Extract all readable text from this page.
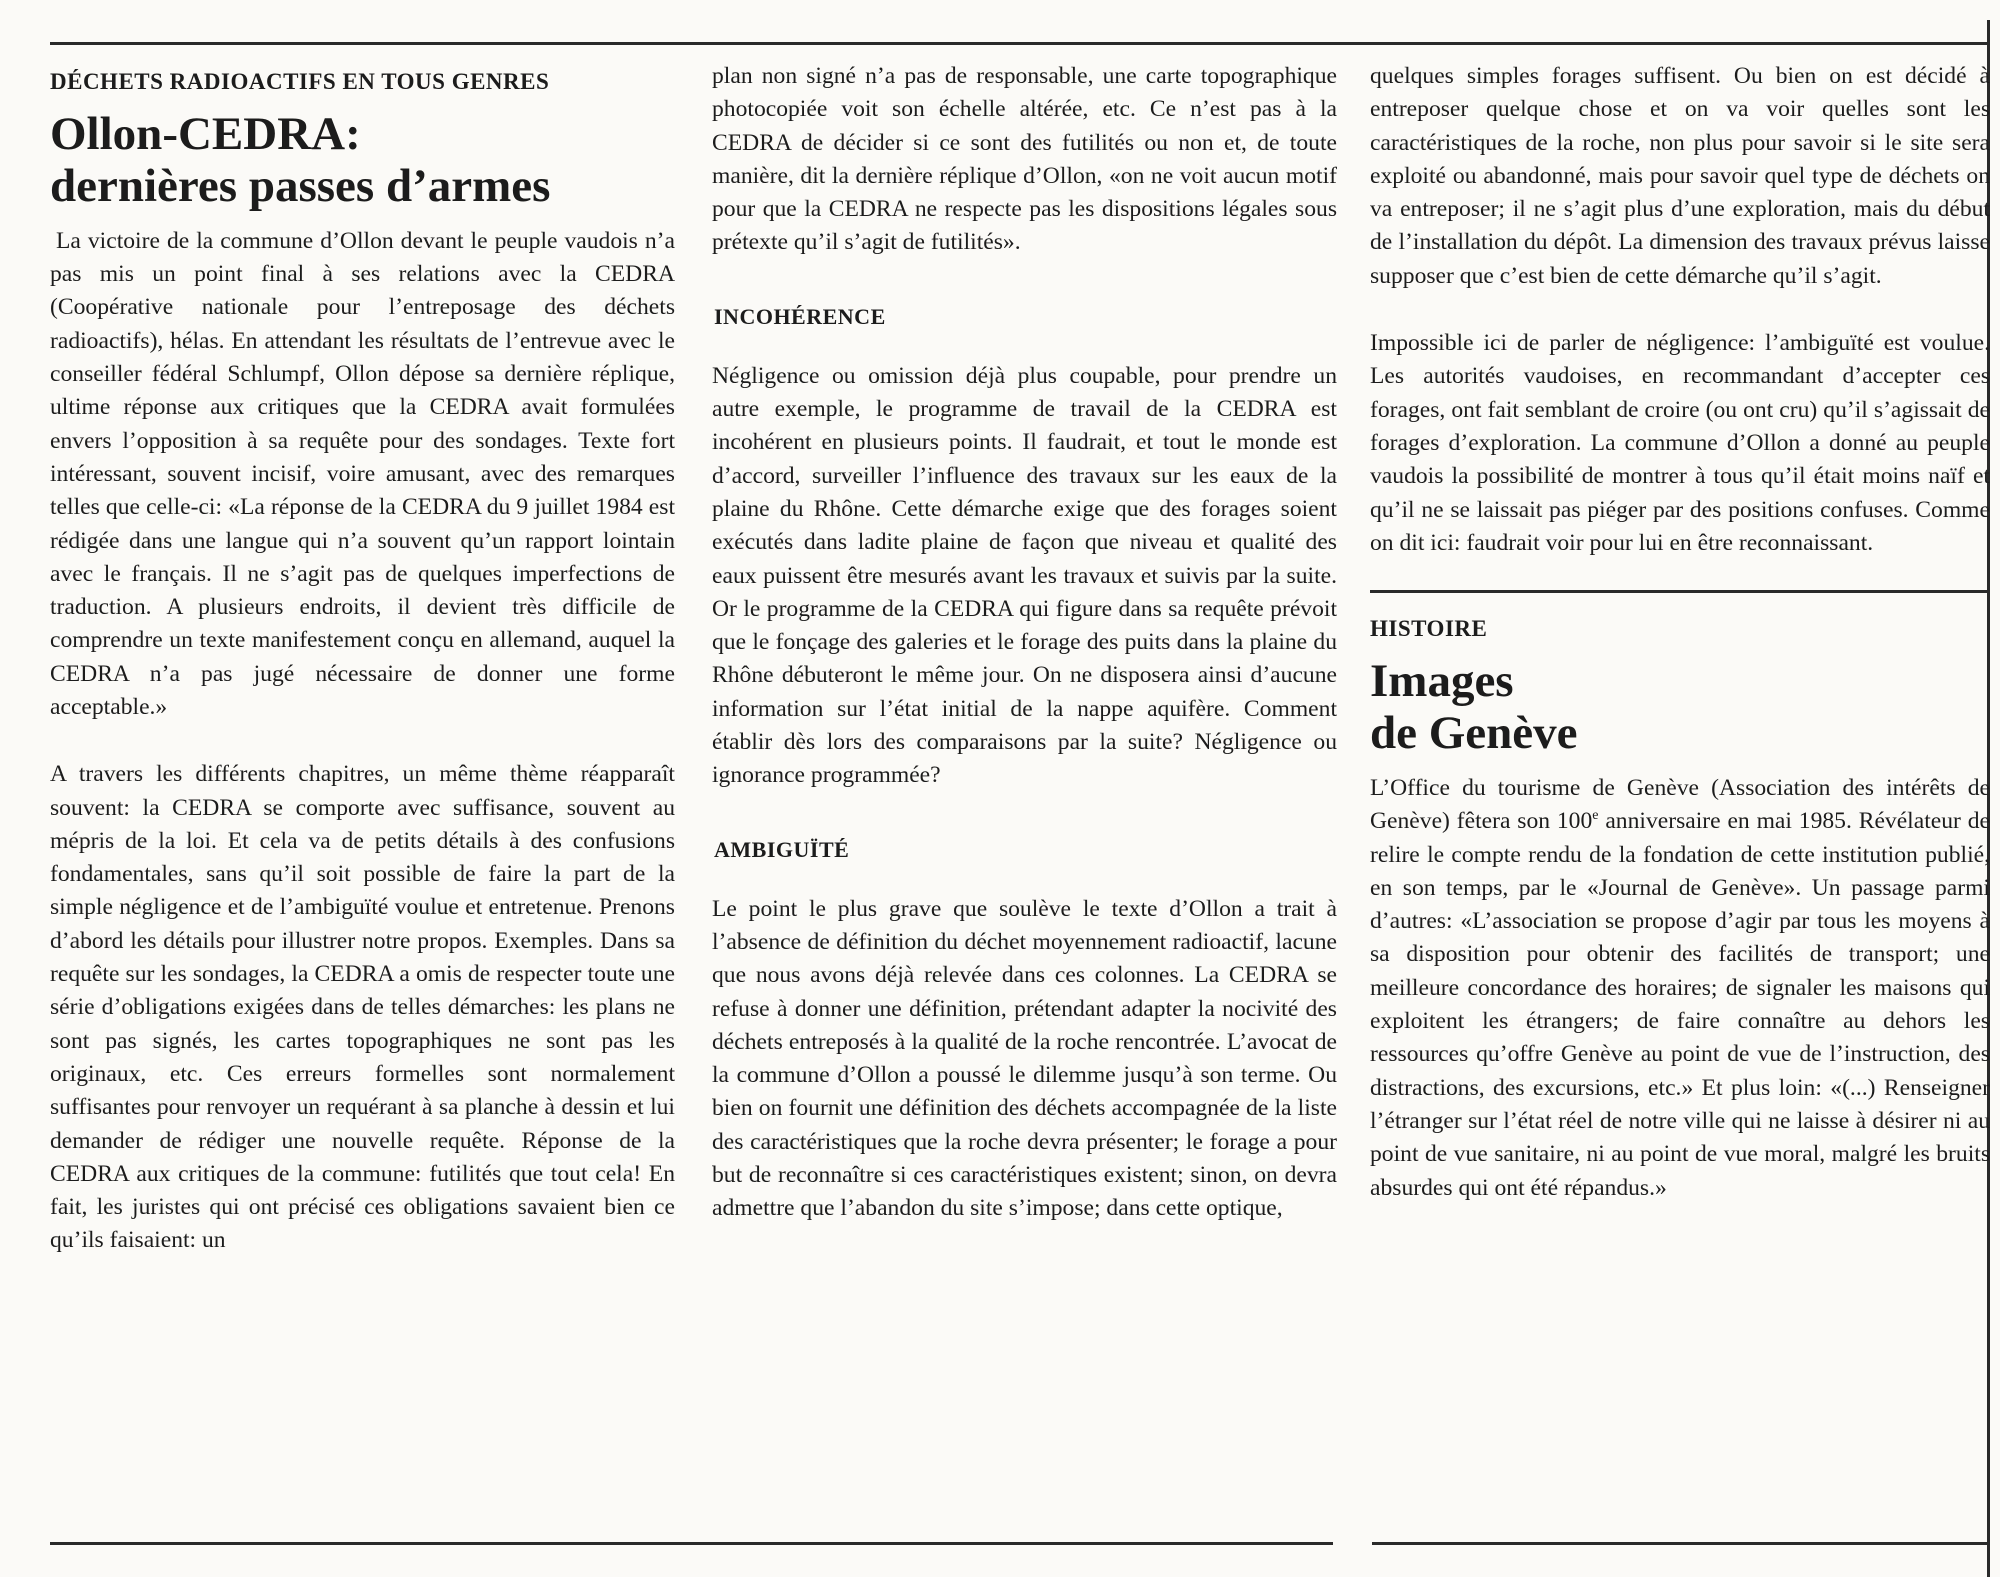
DÉCHETS RADIOACTIFS EN TOUS GENRES
Ollon-CEDRA:
dernières passes d’armes

La victoire de la commune d’Ollon devant le peuple vaudois n’a pas mis un point final à ses relations avec la CEDRA (Coopérative nationale pour l’entreposage des déchets radioactifs), hélas. En attendant les résultats de l’entrevue avec le conseiller fédéral Schlumpf, Ollon dépose sa dernière réplique, ultime réponse aux critiques que la CEDRA avait formulées envers l’opposition à sa requête pour des sondages. Texte fort intéressant, souvent incisif, voire amusant, avec des remarques telles que celle-ci: «La réponse de la CEDRA du 9 juillet 1984 est rédigée dans une langue qui n’a souvent qu’un rapport lointain avec le français. Il ne s’agit pas de quelques imperfections de traduction. A plusieurs endroits, il devient très difficile de comprendre un texte manifestement conçu en allemand, auquel la CEDRA n’a pas jugé nécessaire de donner une forme acceptable.»

A travers les différents chapitres, un même thème réapparaît souvent: la CEDRA se comporte avec suffisance, souvent au mépris de la loi. Et cela va de petits détails à des confusions fondamentales, sans qu’il soit possible de faire la part de la simple négligence et de l’ambiguïté voulue et entretenue. Prenons d’abord les détails pour illustrer notre propos. Exemples. Dans sa requête sur les sondages, la CEDRA a omis de respecter toute une série d’obligations exigées dans de telles démarches: les plans ne sont pas signés, les cartes topographiques ne sont pas les originaux, etc. Ces erreurs formelles sont normalement suffisantes pour renvoyer un requérant à sa planche à dessin et lui demander de rédiger une nouvelle requête. Réponse de la CEDRA aux critiques de la commune: futilités que tout cela! En fait, les juristes qui ont précisé ces obligations savaient bien ce qu’ils faisaient: un

plan non signé n’a pas de responsable, une carte topographique photocopiée voit son échelle altérée, etc. Ce n’est pas à la CEDRA de décider si ce sont des futilités ou non et, de toute manière, dit la dernière réplique d’Ollon, «on ne voit aucun motif pour que la CEDRA ne respecte pas les dispositions légales sous prétexte qu’il s’agit de futilités».

INCOHÉRENCE

Négligence ou omission déjà plus coupable, pour prendre un autre exemple, le programme de travail de la CEDRA est incohérent en plusieurs points. Il faudrait, et tout le monde est d’accord, surveiller l’influence des travaux sur les eaux de la plaine du Rhône. Cette démarche exige que des forages soient exécutés dans ladite plaine de façon que niveau et qualité des eaux puissent être mesurés avant les travaux et suivis par la suite. Or le programme de la CEDRA qui figure dans sa requête prévoit que le fonçage des galeries et le forage des puits dans la plaine du Rhône débuteront le même jour. On ne disposera ainsi d’aucune information sur l’état initial de la nappe aquifère. Comment établir dès lors des comparaisons par la suite? Négligence ou ignorance programmée?

AMBIGUÏTÉ

Le point le plus grave que soulève le texte d’Ollon a trait à l’absence de définition du déchet moyennement radioactif, lacune que nous avons déjà relevée dans ces colonnes. La CEDRA se refuse à donner une définition, prétendant adapter la nocivité des déchets entreposés à la qualité de la roche rencontrée. L’avocat de la commune d’Ollon a poussé le dilemme jusqu’à son terme. Ou bien on fournit une définition des déchets accompagnée de la liste des caractéristiques que la roche devra présenter; le forage a pour but de reconnaître si ces caractéristiques existent; sinon, on devra admettre que l’abandon du site s’impose; dans cette optique,

quelques simples forages suffisent. Ou bien on est décidé à entreposer quelque chose et on va voir quelles sont les caractéristiques de la roche, non plus pour savoir si le site sera exploité ou abandonné, mais pour savoir quel type de déchets on va entreposer; il ne s’agit plus d’une exploration, mais du début de l’installation du dépôt. La dimension des travaux prévus laisse supposer que c’est bien de cette démarche qu’il s’agit.

Impossible ici de parler de négligence: l’ambiguïté est voulue. Les autorités vaudoises, en recommandant d’accepter ces forages, ont fait semblant de croire (ou ont cru) qu’il s’agissait de forages d’exploration. La commune d’Ollon a donné au peuple vaudois la possibilité de montrer à tous qu’il était moins naïf et qu’il ne se laissait pas piéger par des positions confuses. Comme on dit ici: faudrait voir pour lui en être reconnaissant.

HISTOIRE
Images
de Genève

L’Office du tourisme de Genève (Association des intérêts de Genève) fêtera son 100e anniversaire en mai 1985. Révélateur de relire le compte rendu de la fondation de cette institution publié, en son temps, par le «Journal de Genève». Un passage parmi d’autres: «L’association se propose d’agir par tous les moyens à sa disposition pour obtenir des facilités de transport; une meilleure concordance des horaires; de signaler les maisons qui exploitent les étrangers; de faire connaître au dehors les ressources qu’offre Genève au point de vue de l’instruction, des distractions, des excursions, etc.» Et plus loin: «(...) Renseigner l’étranger sur l’état réel de notre ville qui ne laisse à désirer ni au point de vue sanitaire, ni au point de vue moral, malgré les bruits absurdes qui ont été répandus.»
